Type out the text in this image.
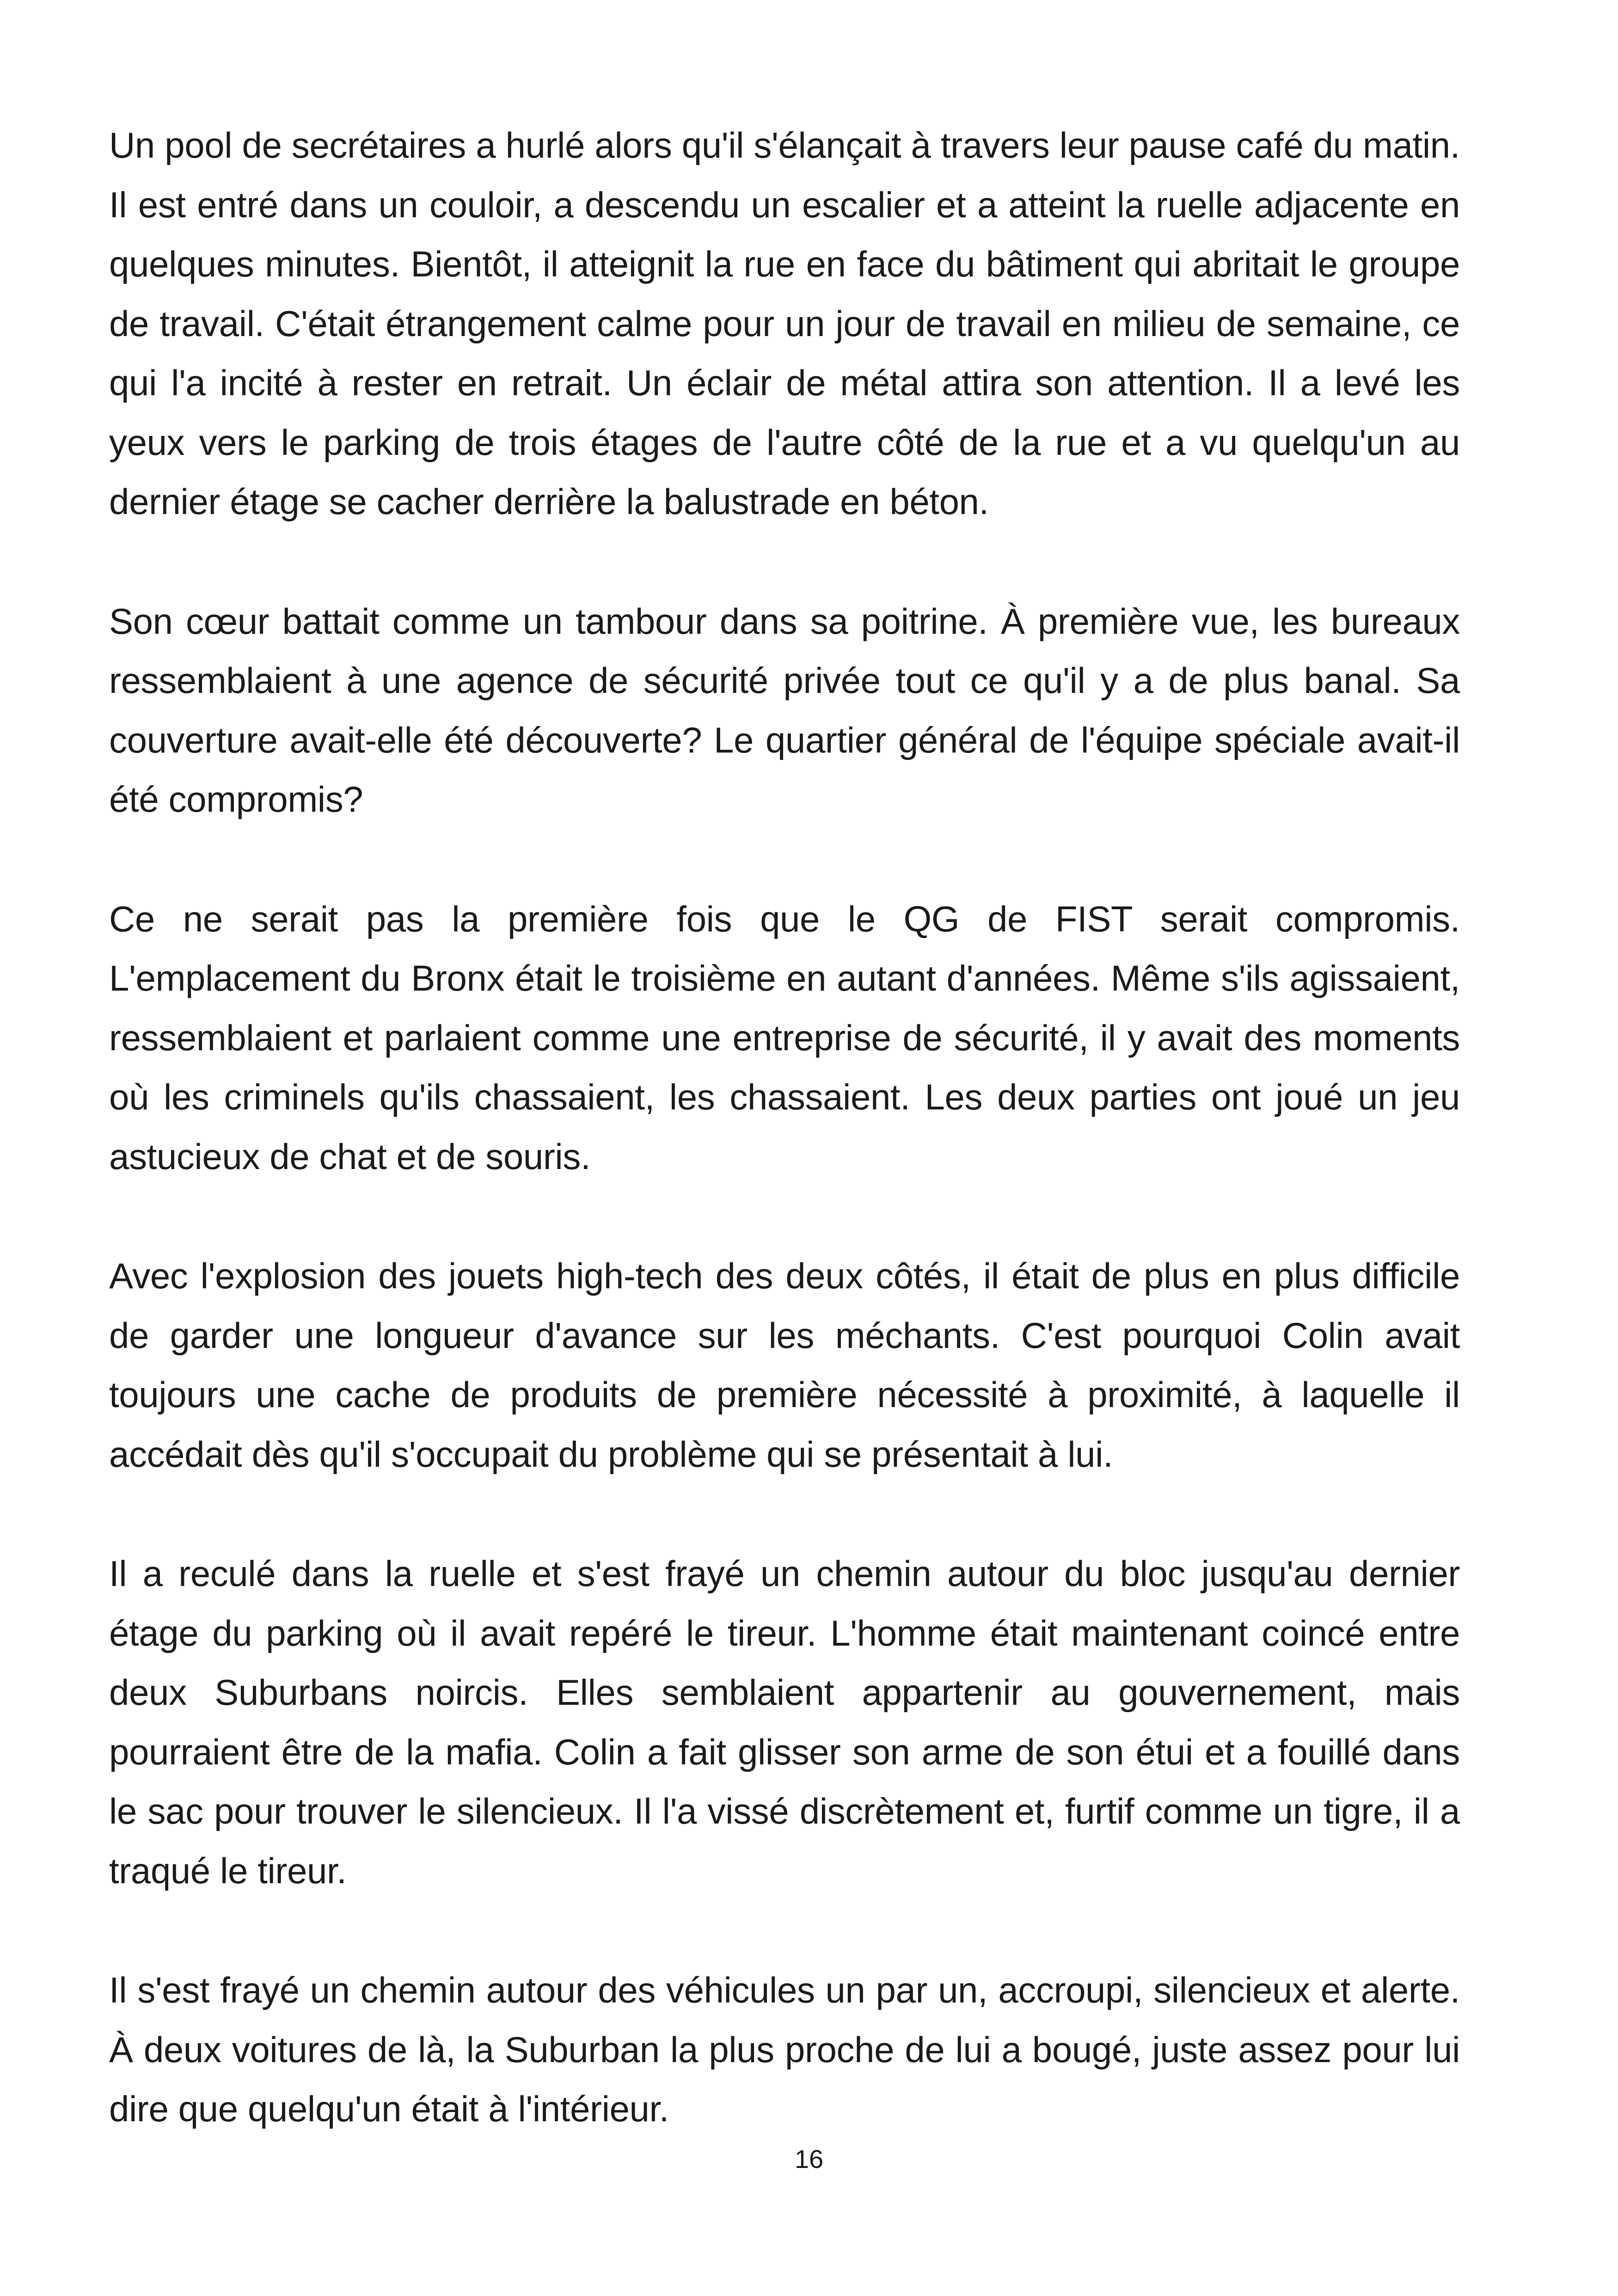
Un pool de secrétaires a hurlé alors qu'il s'élançait à travers leur pause café du matin. Il est entré dans un couloir, a descendu un escalier et a atteint la ruelle adjacente en quelques minutes. Bientôt, il atteignit la rue en face du bâtiment qui abritait le groupe de travail. C'était étrangement calme pour un jour de travail en milieu de semaine, ce qui l'a incité à rester en retrait. Un éclair de métal attira son attention. Il a levé les yeux vers le parking de trois étages de l'autre côté de la rue et a vu quelqu'un au dernier étage se cacher derrière la balustrade en béton.

Son cœur battait comme un tambour dans sa poitrine. À première vue, les bureaux ressemblaient à une agence de sécurité privée tout ce qu'il y a de plus banal. Sa couverture avait-elle été découverte? Le quartier général de l'équipe spéciale avait-il été compromis?

Ce ne serait pas la première fois que le QG de FIST serait compromis. L'emplacement du Bronx était le troisième en autant d'années. Même s'ils agissaient, ressemblaient et parlaient comme une entreprise de sécurité, il y avait des moments où les criminels qu'ils chassaient, les chassaient. Les deux parties ont joué un jeu astucieux de chat et de souris.

Avec l'explosion des jouets high-tech des deux côtés, il était de plus en plus difficile de garder une longueur d'avance sur les méchants. C'est pourquoi Colin avait toujours une cache de produits de première nécessité à proximité, à laquelle il accédait dès qu'il s'occupait du problème qui se présentait à lui.

Il a reculé dans la ruelle et s'est frayé un chemin autour du bloc jusqu'au dernier étage du parking où il avait repéré le tireur. L'homme était maintenant coincé entre deux Suburbans noircis. Elles semblaient appartenir au gouvernement, mais pourraient être de la mafia. Colin a fait glisser son arme de son étui et a fouillé dans le sac pour trouver le silencieux. Il l'a vissé discrètement et, furtif comme un tigre, il a traqué le tireur.

Il s'est frayé un chemin autour des véhicules un par un, accroupi, silencieux et alerte. À deux voitures de là, la Suburban la plus proche de lui a bougé, juste assez pour lui dire que quelqu'un était à l'intérieur.

16
